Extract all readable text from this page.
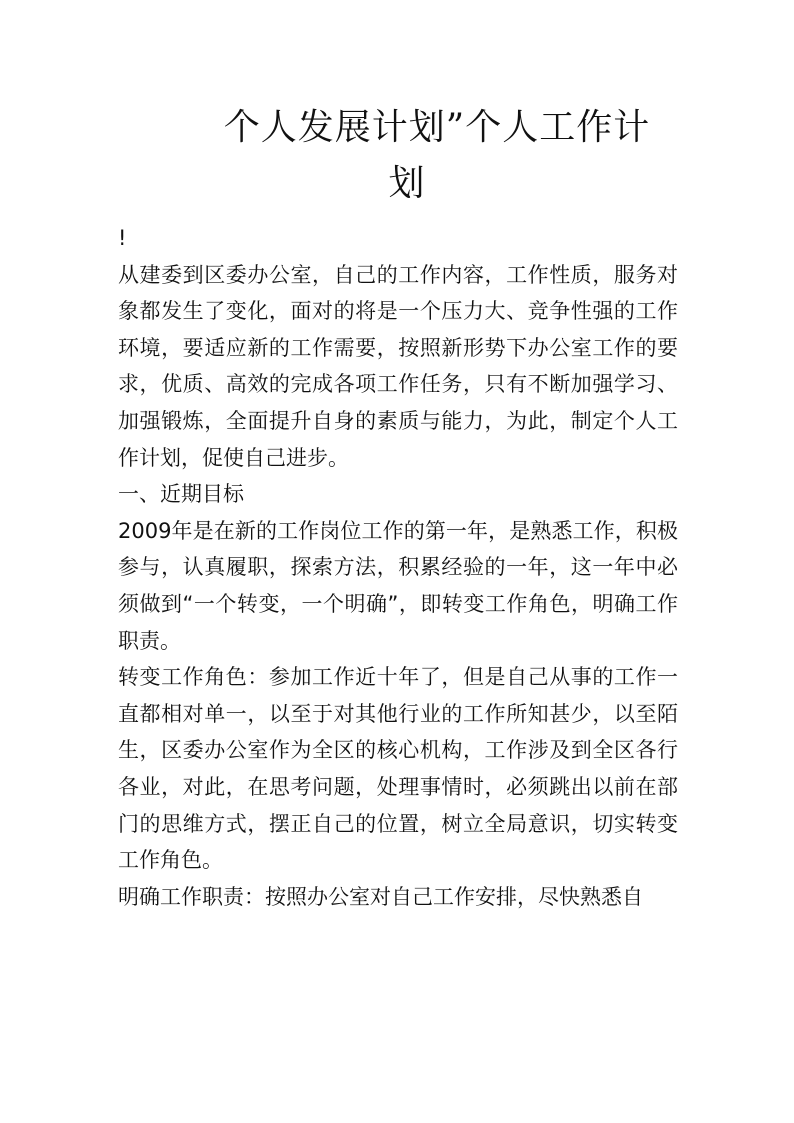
个人发展计划”个人工作计
划

!

从建委到区委办公室，自己的工作内容，工作性质，服务对象都发生了变化，面对的将是一个压力大、竞争性强的工作环境，要适应新的工作需要，按照新形势下办公室工作的要求，优质、高效的完成各项工作任务，只有不断加强学习、加强锻炼，全面提升自身的素质与能力，为此，制定个人工作计划，促使自己进步。

一、近期目标

2009年是在新的工作岗位工作的第一年，是熟悉工作，积极参与，认真履职，探索方法，积累经验的一年，这一年中必须做到“一个转变，一个明确”，即转变工作角色，明确工作职责。

转变工作角色：参加工作近十年了，但是自己从事的工作一直都相对单一，以至于对其他行业的工作所知甚少，以至陌生，区委办公室作为全区的核心机构，工作涉及到全区各行各业，对此，在思考问题，处理事情时，必须跳出以前在部门的思维方式，摆正自己的位置，树立全局意识，切实转变工作角色。

明确工作职责：按照办公室对自己工作安排，尽快熟悉自
